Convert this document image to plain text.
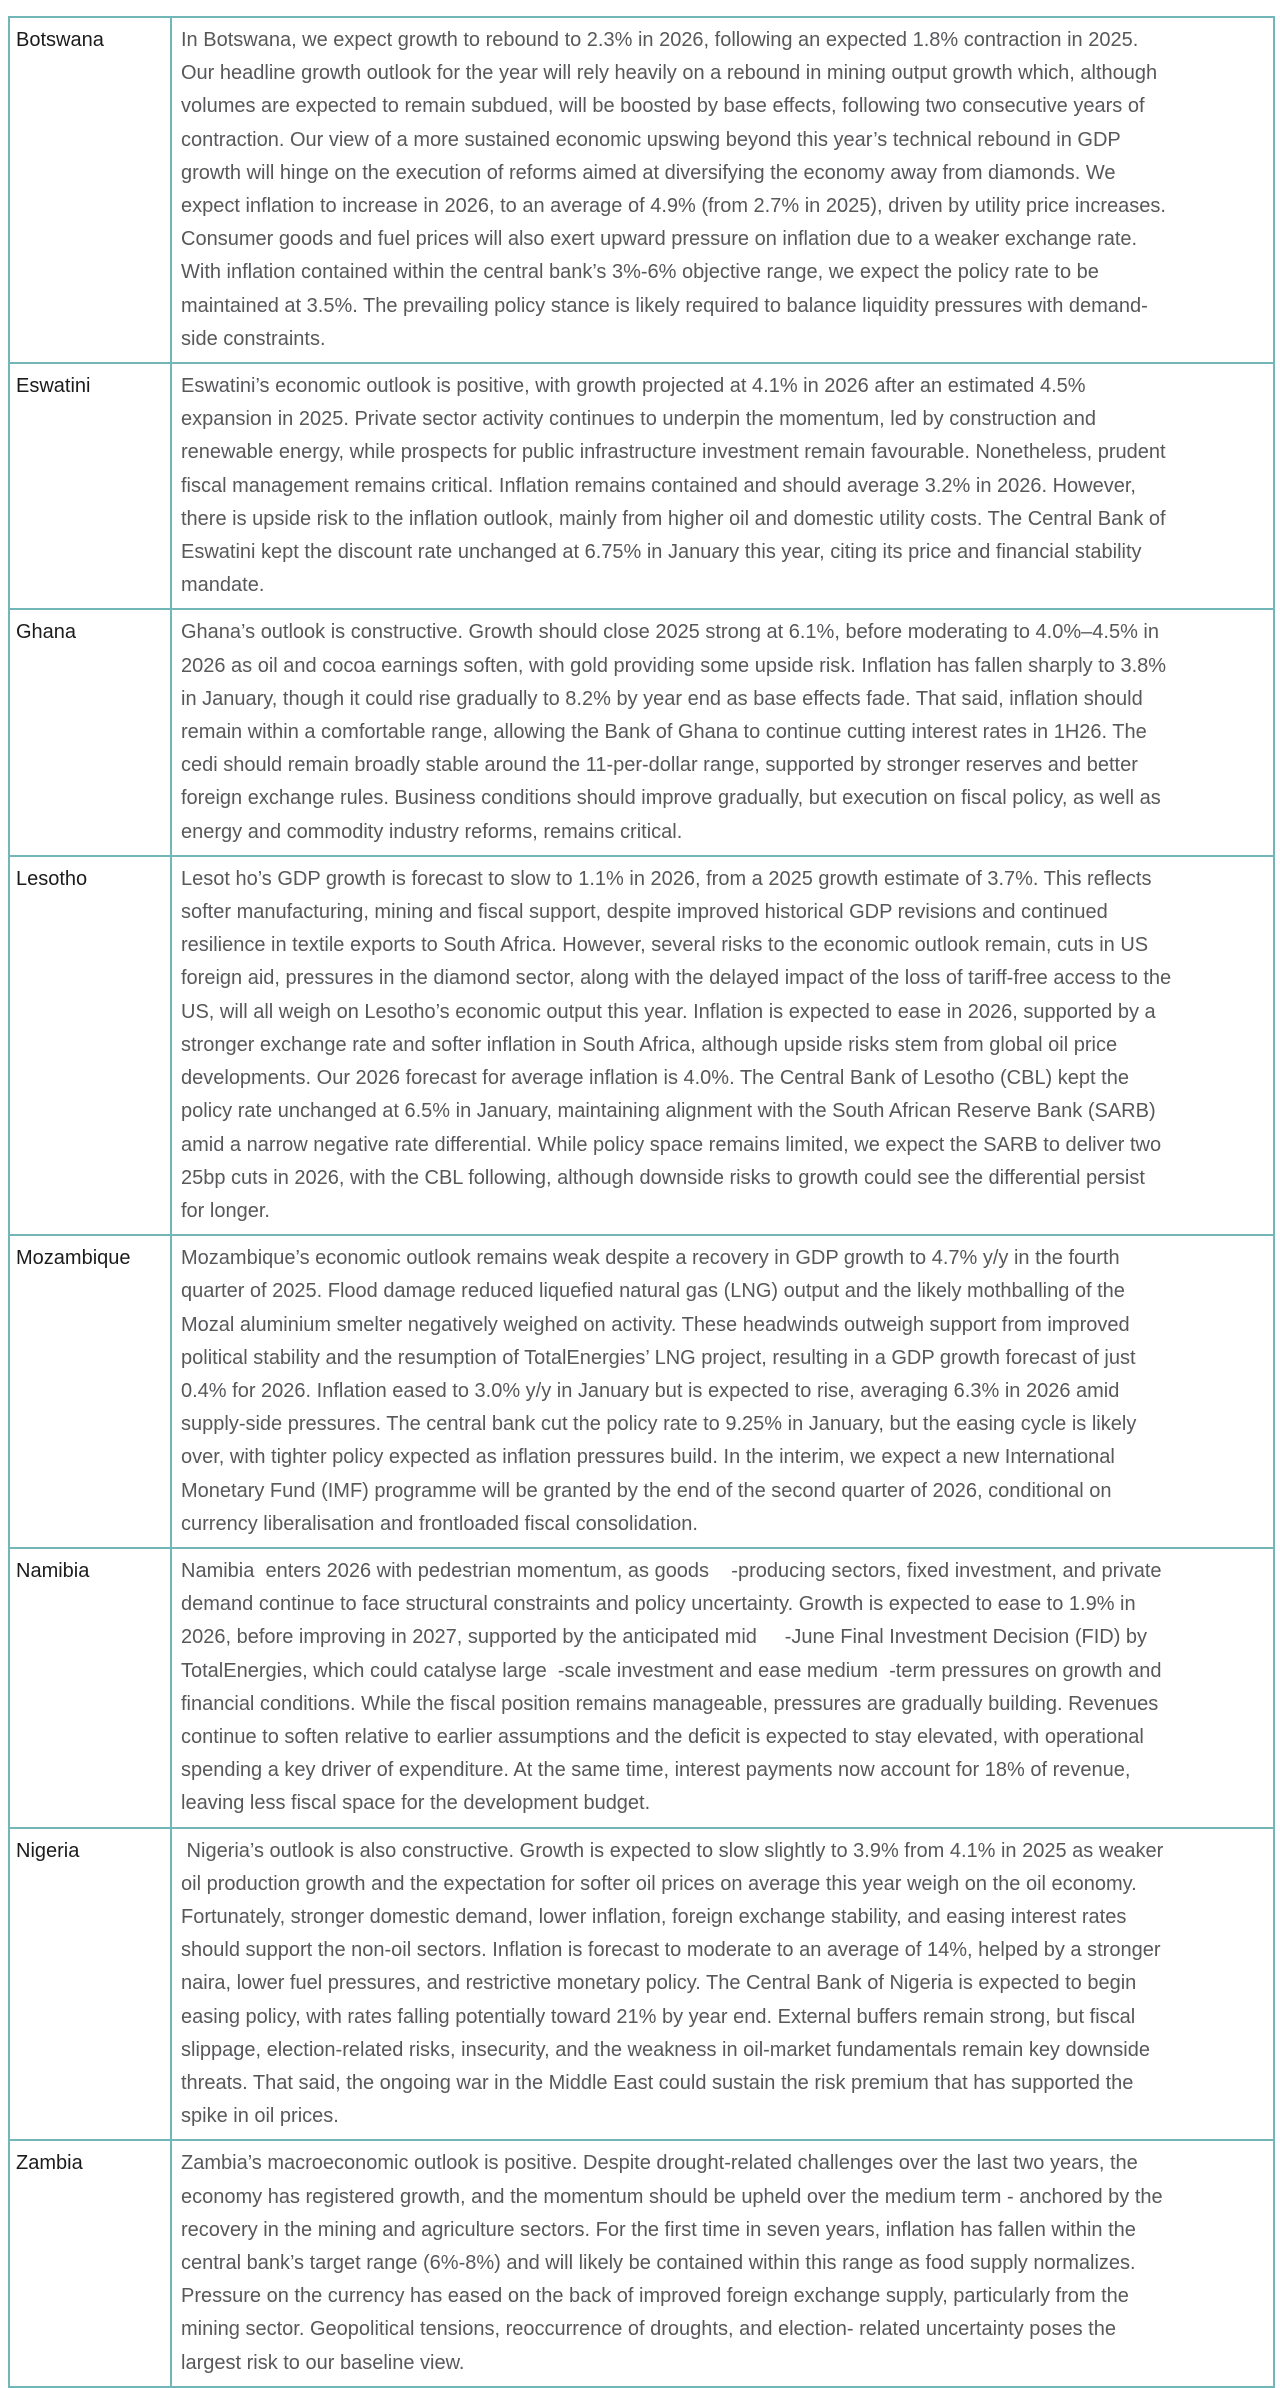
Botswana	In Botswana, we expect growth to rebound to 2.3% in 2026, following an expected 1.8% contraction in 2025. Our headline growth outlook for the year will rely heavily on a rebound in mining output growth which, although volumes are expected to remain subdued, will be boosted by base effects, following two consecutive years of contraction. Our view of a more sustained economic upswing beyond this year’s technical rebound in GDP growth will hinge on the execution of reforms aimed at diversifying the economy away from diamonds. We expect inflation to increase in 2026, to an average of 4.9% (from 2.7% in 2025), driven by utility price increases. Consumer goods and fuel prices will also exert upward pressure on inflation due to a weaker exchange rate. With inflation contained within the central bank’s 3%-6% objective range, we expect the policy rate to be maintained at 3.5%. The prevailing policy stance is likely required to balance liquidity pressures with demand-side constraints.
Eswatini	Eswatini’s economic outlook is positive, with growth projected at 4.1% in 2026 after an estimated 4.5% expansion in 2025. Private sector activity continues to underpin the momentum, led by construction and renewable energy, while prospects for public infrastructure investment remain favourable. Nonetheless, prudent fiscal management remains critical. Inflation remains contained and should average 3.2% in 2026. However, there is upside risk to the inflation outlook, mainly from higher oil and domestic utility costs. The Central Bank of Eswatini kept the discount rate unchanged at 6.75% in January this year, citing its price and financial stability mandate.
Ghana	Ghana’s outlook is constructive. Growth should close 2025 strong at 6.1%, before moderating to 4.0%–4.5% in 2026 as oil and cocoa earnings soften, with gold providing some upside risk. Inflation has fallen sharply to 3.8% in January, though it could rise gradually to 8.2% by year end as base effects fade. That said, inflation should remain within a comfortable range, allowing the Bank of Ghana to continue cutting interest rates in 1H26. The cedi should remain broadly stable around the 11-per-dollar range, supported by stronger reserves and better foreign exchange rules. Business conditions should improve gradually, but execution on fiscal policy, as well as energy and commodity industry reforms, remains critical.
Lesotho	Lesot ho’s GDP growth is forecast to slow to 1.1% in 2026, from a 2025 growth estimate of 3.7%. This reflects softer manufacturing, mining and fiscal support, despite improved historical GDP revisions and continued resilience in textile exports to South Africa. However, several risks to the economic outlook remain, cuts in US foreign aid, pressures in the diamond sector, along with the delayed impact of the loss of tariff-free access to the US, will all weigh on Lesotho’s economic output this year. Inflation is expected to ease in 2026, supported by a stronger exchange rate and softer inflation in South Africa, although upside risks stem from global oil price developments. Our 2026 forecast for average inflation is 4.0%. The Central Bank of Lesotho (CBL) kept the policy rate unchanged at 6.5% in January, maintaining alignment with the South African Reserve Bank (SARB) amid a narrow negative rate differential. While policy space remains limited, we expect the SARB to deliver two 25bp cuts in 2026, with the CBL following, although downside risks to growth could see the differential persist for longer.
Mozambique	Mozambique’s economic outlook remains weak despite a recovery in GDP growth to 4.7% y/y in the fourth quarter of 2025. Flood damage reduced liquefied natural gas (LNG) output and the likely mothballing of the Mozal aluminium smelter negatively weighed on activity. These headwinds outweigh support from improved political stability and the resumption of TotalEnergies’ LNG project, resulting in a GDP growth forecast of just 0.4% for 2026. Inflation eased to 3.0% y/y in January but is expected to rise, averaging 6.3% in 2026 amid supply-side pressures. The central bank cut the policy rate to 9.25% in January, but the easing cycle is likely over, with tighter policy expected as inflation pressures build. In the interim, we expect a new International Monetary Fund (IMF) programme will be granted by the end of the second quarter of 2026, conditional on currency liberalisation and frontloaded fiscal consolidation.
Namibia	Namibia  enters 2026 with pedestrian momentum, as goods    -producing sectors, fixed investment, and private demand continue to face structural constraints and policy uncertainty. Growth is expected to ease to 1.9% in 2026, before improving in 2027, supported by the anticipated mid     -June Final Investment Decision (FID) by TotalEnergies, which could catalyse large  -scale investment and ease medium  -term pressures on growth and financial conditions. While the fiscal position remains manageable, pressures are gradually building. Revenues continue to soften relative to earlier assumptions and the deficit is expected to stay elevated, with operational spending a key driver of expenditure. At the same time, interest payments now account for 18% of revenue, leaving less fiscal space for the development budget.
Nigeria	Nigeria’s outlook is also constructive. Growth is expected to slow slightly to 3.9% from 4.1% in 2025 as weaker oil production growth and the expectation for softer oil prices on average this year weigh on the oil economy. Fortunately, stronger domestic demand, lower inflation, foreign exchange stability, and easing interest rates should support the non-oil sectors. Inflation is forecast to moderate to an average of 14%, helped by a stronger naira, lower fuel pressures, and restrictive monetary policy. The Central Bank of Nigeria is expected to begin easing policy, with rates falling potentially toward 21% by year end. External buffers remain strong, but fiscal slippage, election-related risks, insecurity, and the weakness in oil-market fundamentals remain key downside threats. That said, the ongoing war in the Middle East could sustain the risk premium that has supported the spike in oil prices.
Zambia	Zambia’s macroeconomic outlook is positive. Despite drought-related challenges over the last two years, the economy has registered growth, and the momentum should be upheld over the medium term - anchored by the recovery in the mining and agriculture sectors. For the first time in seven years, inflation has fallen within the central bank’s target range (6%-8%) and will likely be contained within this range as food supply normalizes. Pressure on the currency has eased on the back of improved foreign exchange supply, particularly from the mining sector. Geopolitical tensions, reoccurrence of droughts, and election- related uncertainty poses the largest risk to our baseline view.
